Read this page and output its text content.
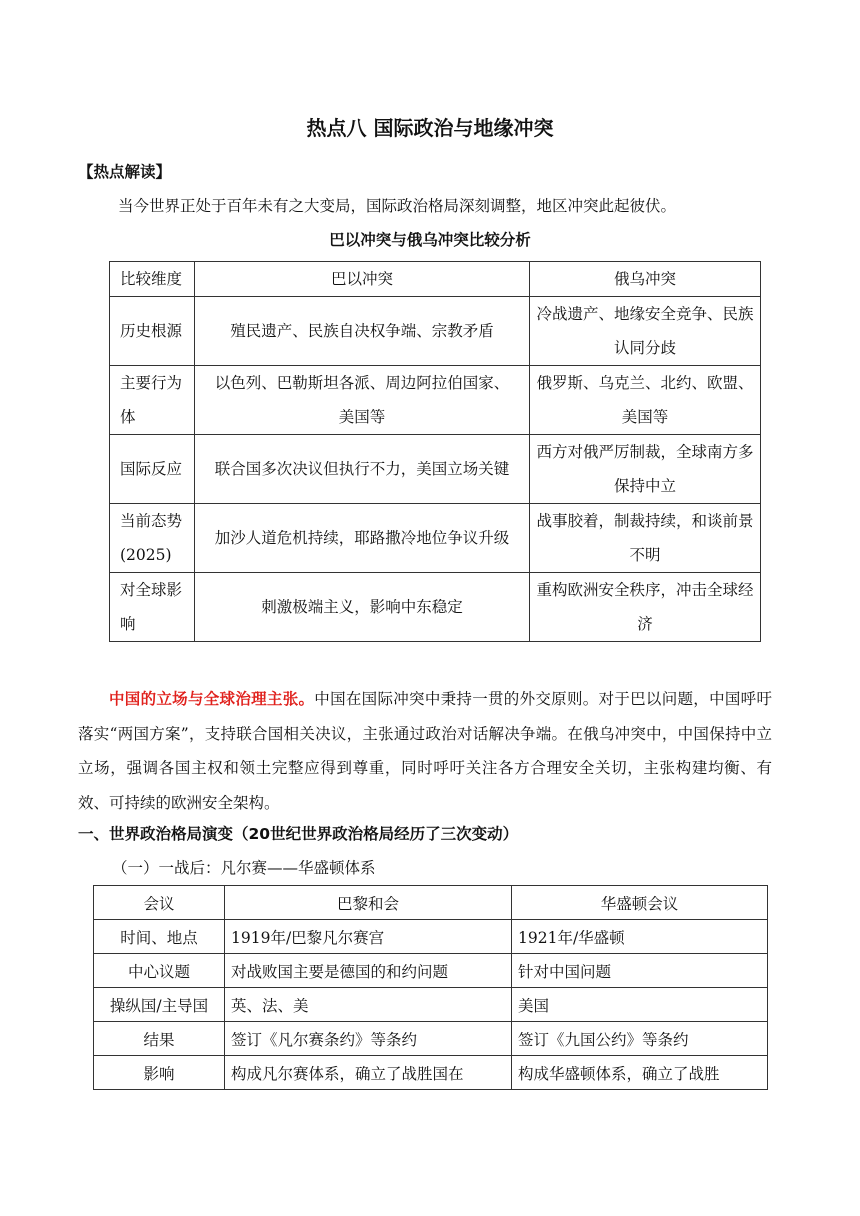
热点八 国际政治与地缘冲突
【热点解读】
当今世界正处于百年未有之大变局，国际政治格局深刻调整，地区冲突此起彼伏。
巴以冲突与俄乌冲突比较分析
比较维度	巴以冲突	俄乌冲突
历史根源	殖民遗产、民族自决权争端、宗教矛盾	冷战遗产、地缘安全竞争、民族认同分歧
主要行为体	以色列、巴勒斯坦各派、周边阿拉伯国家、美国等	俄罗斯、乌克兰、北约、欧盟、美国等
国际反应	联合国多次决议但执行不力，美国立场关键	西方对俄严厉制裁，全球南方多保持中立
当前态势(2025)	加沙人道危机持续，耶路撒冷地位争议升级	战事胶着，制裁持续，和谈前景不明
对全球影响	刺激极端主义，影响中东稳定	重构欧洲安全秩序，冲击全球经济
中国的立场与全球治理主张。中国在国际冲突中秉持一贯的外交原则。对于巴以问题，中国呼吁落实“两国方案”，支持联合国相关决议，主张通过政治对话解决争端。在俄乌冲突中，中国保持中立立场，强调各国主权和领土完整应得到尊重，同时呼吁关注各方合理安全关切，主张构建均衡、有效、可持续的欧洲安全架构。
一、世界政治格局演变（20世纪世界政治格局经历了三次变动）
（一）一战后：凡尔赛——华盛顿体系
会议	巴黎和会	华盛顿会议
时间、地点	1919年/巴黎凡尔赛宫	1921年/华盛顿
中心议题	对战败国主要是德国的和约问题	针对中国问题
操纵国/主导国	英、法、美	美国
结果	签订《凡尔赛条约》等条约	签订《九国公约》等条约
影响	构成凡尔赛体系，确立了战胜国在	构成华盛顿体系，确立了战胜
